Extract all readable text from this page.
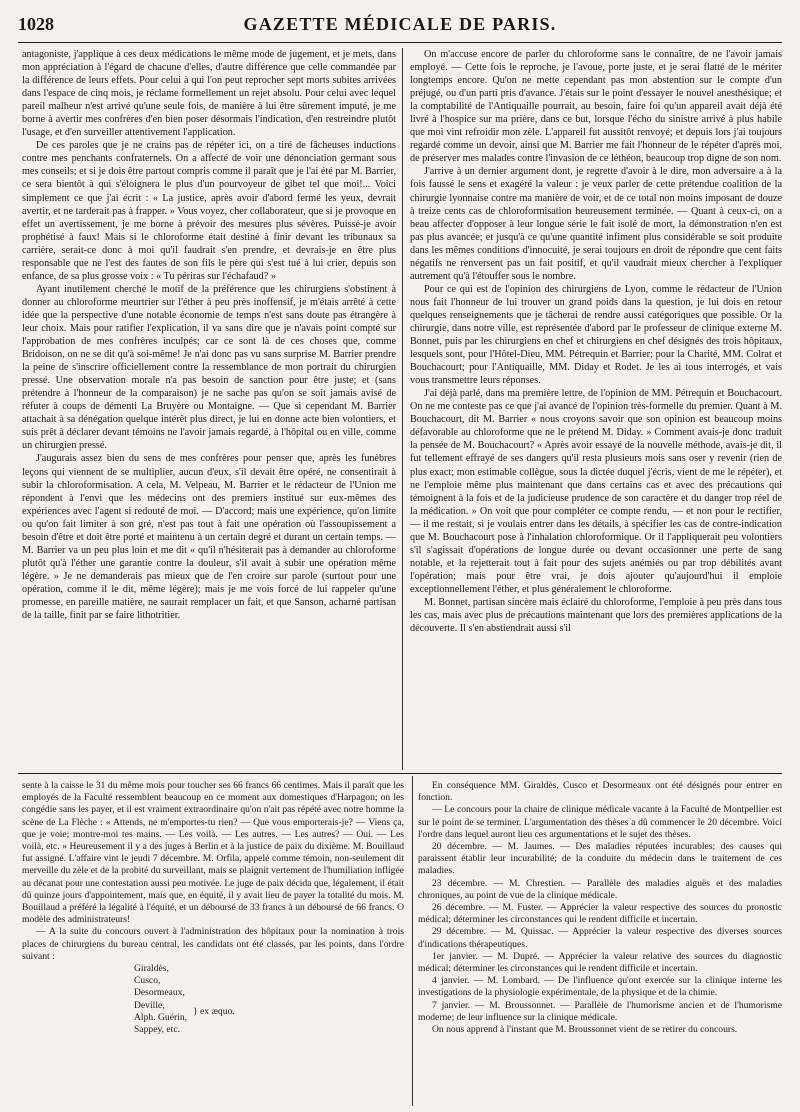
1028	GAZETTE MÉDICALE DE PARIS.

antagoniste, j'applique à ces deux médications le même mode de jugement, et je mets, dans mon appréciation à l'égard de chacune d'elles, d'autre différence que celle commandée par la différence de leurs effets. Pour celui à qui l'on peut reprocher sept morts subites arrivées dans l'espace de cinq mois, je réclame formellement un rejet absolu. Pour celui avec lequel pareil malheur n'est arrivé qu'une seule fois, de manière à lui être sûrement imputé, je me borne à avertir mes confrères d'en bien poser désormais l'indication, d'en restreindre plutôt l'usage, et d'en surveiller attentivement l'application.

De ces paroles que je ne crains pas de répéter ici, on a tiré de fâcheuses inductions contre mes penchants confraternels. On a affecté de voir une dénonciation germant sous mes conseils; et si je dois être partout compris comme il paraît que je l'ai été par M. Barrier, ce sera bientôt à qui s'éloignera le plus d'un pourvoyeur de gibet tel que moi!... Voici simplement ce que j'ai écrit : « La justice, après avoir d'abord fermé les yeux, devrait avertir, et ne tarderait pas à frapper. » Vous voyez, cher collaborateur, que si je provoque en effet un avertissement, je me borne à prévoir des mesures plus sévères. Puissé-je avoir prophétisé à faux! Mais si le chloroforme était destiné à finir devant les tribunaux sa carrière, serait-ce donc à moi qu'il faudrait s'en prendre, et devrais-je en être plus responsable que ne l'est des fautes de son fils le père qui s'est tué à lui crier, depuis son enfance, de sa plus grosse voix : « Tu périras sur l'échafaud? »

Ayant inutilement cherché le motif de la préférence que les chirurgiens s'obstinent à donner au chloroforme meurtrier sur l'éther à peu près inoffensif, je m'étais arrêté à cette idée que la perspective d'une notable économie de temps n'est sans doute pas étrangère à leur choix. Mais pour ratifier l'explication, il va sans dire que je n'avais point compté sur l'approbation de mes confrères inculpés; car ce sont là de ces choses que, comme Bridoison, on ne se dit qu'à soi-même! Je n'ai donc pas vu sans surprise M. Barrier prendre la peine de s'inscrire officiellement contre la ressemblance de mon portrait du chirurgien pressé. Une observation morale n'a pas besoin de sanction pour être juste; et (sans prétendre à l'honneur de la comparaison) je ne sache pas qu'on se soit jamais avisé de réfuter à coups de démenti La Bruyère ou Montaigne. — Que si cependant M. Barrier attachait à sa dénégation quelque intérêt plus direct, je lui en donne acte bien volontiers, et suis prêt à déclarer devant témoins ne l'avoir jamais regardé, à l'hôpital ou en ville, comme un chirurgien pressé.

J'augurais assez bien du sens de mes confrères pour penser que, après les funèbres leçons qui viennent de se multiplier, aucun d'eux, s'il devait être opéré, ne consentirait à subir la chloroformisation. A cela, M. Velpeau, M. Barrier et le rédacteur de l'Union me répondent à l'envi que les médecins ont des premiers institué sur eux-mêmes des expériences avec l'agent si redouté de moi. — D'accord; mais une expérience, qu'on limite ou qu'on fait limiter à son gré, n'est pas tout à fait une opération où l'assoupissement a besoin d'être et doit être porté et maintenu à un certain degré et durant un certain temps. — M. Barrier va un peu plus loin et me dit « qu'il n'hésiterait pas à demander au chloroforme plutôt qu'à l'éther une garantie contre la douleur, s'il avait à subir une opération même légère. » Je ne demanderais pas mieux que de l'en croire sur parole (surtout pour une opération, comme il le dit, même légère); mais je me vois forcé de lui rappeler qu'une promesse, en pareille matière, ne saurait remplacer un fait, et que Sanson, acharné partisan de la taille, finit par se faire lithotritier.

On m'accuse encore de parler du chloroforme sans le connaître, de ne l'avoir jamais employé. — Cette fois le reproche, je l'avoue, porte juste, et je serai flatté de le mériter longtemps encore. Qu'on ne mette cependant pas mon abstention sur le compte d'un préjugé, ou d'un parti pris d'avance. J'étais sur le point d'essayer le nouvel anesthésique; et la comptabilité de l'Antiquaille pourrait, au besoin, faire foi qu'un appareil avait déjà été livré à l'hospice sur ma prière, dans ce but, lorsque l'écho du sinistre arrivé à plus habile que moi vint refroidir mon zèle. L'appareil fut aussitôt renvoyé; et depuis lors j'ai toujours regardé comme un devoir, ainsi que M. Barrier me fait l'honneur de le répéter d'après moi, de préserver mes malades contre l'invasion de ce léthéon, beaucoup trop digne de son nom.

J'arrive à un dernier argument dont, je regrette d'avoir à le dire, mon adversaire a à la fois faussé le sens et exagéré la valeur : je veux parler de cette prétendue coalition de la chirurgie lyonnaise contre ma manière de voir, et de ce total non moins imposant de douze à treize cents cas de chloroformisation heureusement terminée. — Quant à ceux-ci, on a beau affecter d'opposer à leur longue série le fait isolé de mort, la démonstration n'en est pas plus avancée; et jusqu'à ce qu'une quantité infiment plus considérable se soit produite dans les mêmes conditions d'innocuité, je serai toujours en droit de répondre que cent faits négatifs ne renversent pas un fait positif, et qu'il vaudrait mieux chercher à l'expliquer autrement qu'à l'étouffer sous le nombre.

Pour ce qui est de l'opinion des chirurgiens de Lyon, comme le rédacteur de l'Union nous fait l'honneur de lui trouver un grand poids dans la question, je lui dois en retour quelques renseignements que je tâcherai de rendre aussi catégoriques que possible. Or la chirurgie, dans notre ville, est représentée d'abord par le professeur de clinique externe M. Bonnet, puis par les chirurgiens en chef et chirurgiens en chef désignés des trois hôpitaux, lesquels sont, pour l'Hôtel-Dieu, MM. Pétrequin et Barrier; pour la Charité, MM. Colrat et Bouchacourt; pour l'Antiquaille, MM. Diday et Rodet. Je les ai tous interrogés, et vais vous transmettre leurs réponses.

J'ai déjà parlé, dans ma première lettre, de l'opinion de MM. Pétrequin et Bouchacourt. On ne me conteste pas ce que j'ai avancé de l'opinion très-formelle du premier. Quant à M. Bouchacourt, dit M. Barrier « nous croyons savoir que son opinion est beaucoup moins défavorable au chloroforme que ne le prétend M. Diday. » Comment avais-je donc traduit la pensée de M. Bouchacourt? « Après avoir essayé de la nouvelle méthode, avais-je dit, il fut tellement effrayé de ses dangers qu'il resta plusieurs mois sans oser y revenir (rien de plus exact; mon estimable collègue, sous la dictée duquel j'écris, vient de me le répéter), et ne l'emploie même plus maintenant que dans certains cas et avec des précautions qui témoignent à la fois et de la judicieuse prudence de son caractère et du danger trop réel de la médication. » On voit que pour compléter ce compte rendu, — et non pour le rectifier, — il me restait, si je voulais entrer dans les détails, à spécifier les cas de contre-indication que M. Bouchacourt pose à l'inhalation chloroformique. Or il l'appliquerait peu volontiers s'il s'agissait d'opérations de longue durée ou devant occasionner une perte de sang notable, et la rejetterait tout à fait pour des sujets anémiés ou par trop débilités avant l'opération; mais pour être vrai, je dois ajouter qu'aujourd'hui il emploie exceptionnellement l'éther, et plus généralement le chloroforme.

M. Bonnet, partisan sincère mais éclairé du chloroforme, l'emploie à peu près dans tous les cas, mais avec plus de précautions maintenant que lors des premières applications de la découverte. Il s'en abstiendrait aussi s'il

sente à la caisse le 31 du même mois pour toucher ses 66 francs 66 centimes. Mais il paraît que les employés de la Faculté ressemblent beaucoup en ce moment aux domestiques d'Harpagon; on les congédie sans les payer, et il est vraiment extraordinaire qu'on n'ait pas répété avec notre homme la scène de La Flèche : « Attends, ne m'emportes-tu rien? — Que vous emporterais-je? — Viens ça, que je voie; montre-moi tes mains. — Les voilà. — Les autres. — Les autres? — Oui. — Les voilà, etc. » Heureusement il y a des juges à Berlin et à la justice de paix du dixième. M. Bouillaud fut assigné. L'affaire vint le jeudi 7 décembre. M. Orfila, appelé comme témoin, non-seulement dit merveille du zèle et de la probité du surveillant, mais se plaignit vertement de l'humiliation infligée au décanat pour une contestation aussi peu motivée. Le juge de paix décida que, légalement, il était dû quinze jours d'appointement, mais que, en équité, il y avait lieu de payer la totalité du mois. M. Bouillaud a préféré la légalité à l'équité, et un déboursé de 33 francs à un déboursé de 66 francs. O modèle des administrateurs!

— A la suite du concours ouvert à l'administration des hôpitaux pour la nomination à trois places de chirurgiens du bureau central, les candidats ont été classés, par les points, dans l'ordre suivant :

Giraldès,
Cusco,
Desormeaux,
Deville,
Alph. Guérin,
} ex æquo.
Sappey, etc.

En conséquence MM. Giraldès, Cusco et Desormeaux ont été désignés pour entrer en fonction.

— Le concours pour la chaire de clinique médicale vacante à la Faculté de Montpellier est sur le point de se terminer. L'argumentation des thèses a dû commencer le 20 décembre. Voici l'ordre dans lequel auront lieu ces argumentations et le sujet des thèses.

20 décembre. — M. Jaumes. — Des maladies réputées incurables; des causes qui paraissent établir leur incurabilité; de la conduite du médecin dans le traitement de ces maladies.

23 décembre. — M. Chrestien. — Parallèle des maladies aiguës et des maladies chroniques, au point de vue de la clinique médicale.

26 décembre. — M. Fuster. — Apprécier la valeur respective des sources du pronostic médical; déterminer les circonstances qui le rendent difficile et incertain.

29 décembre. — M. Quissac. — Apprécier la valeur respective des diverses sources d'indications thérapeutiques.

1er janvier. — M. Dupré. — Apprécier la valeur relative des sources du diagnostic médical; déterminer les circonstances qui le rendent difficile et incertain.

4 janvier. — M. Lombard. — De l'influence qu'ont exercée sur la clinique interne les investigations de la physiologie expérimentale, de la physique et de la chimie.

7 janvier. — M. Broussonnet. — Parallèle de l'humorisme ancien et de l'humorisme moderne; de leur influence sur la clinique médicale.

On nous apprend à l'instant que M. Broussonnet vient de se retirer du concours.
